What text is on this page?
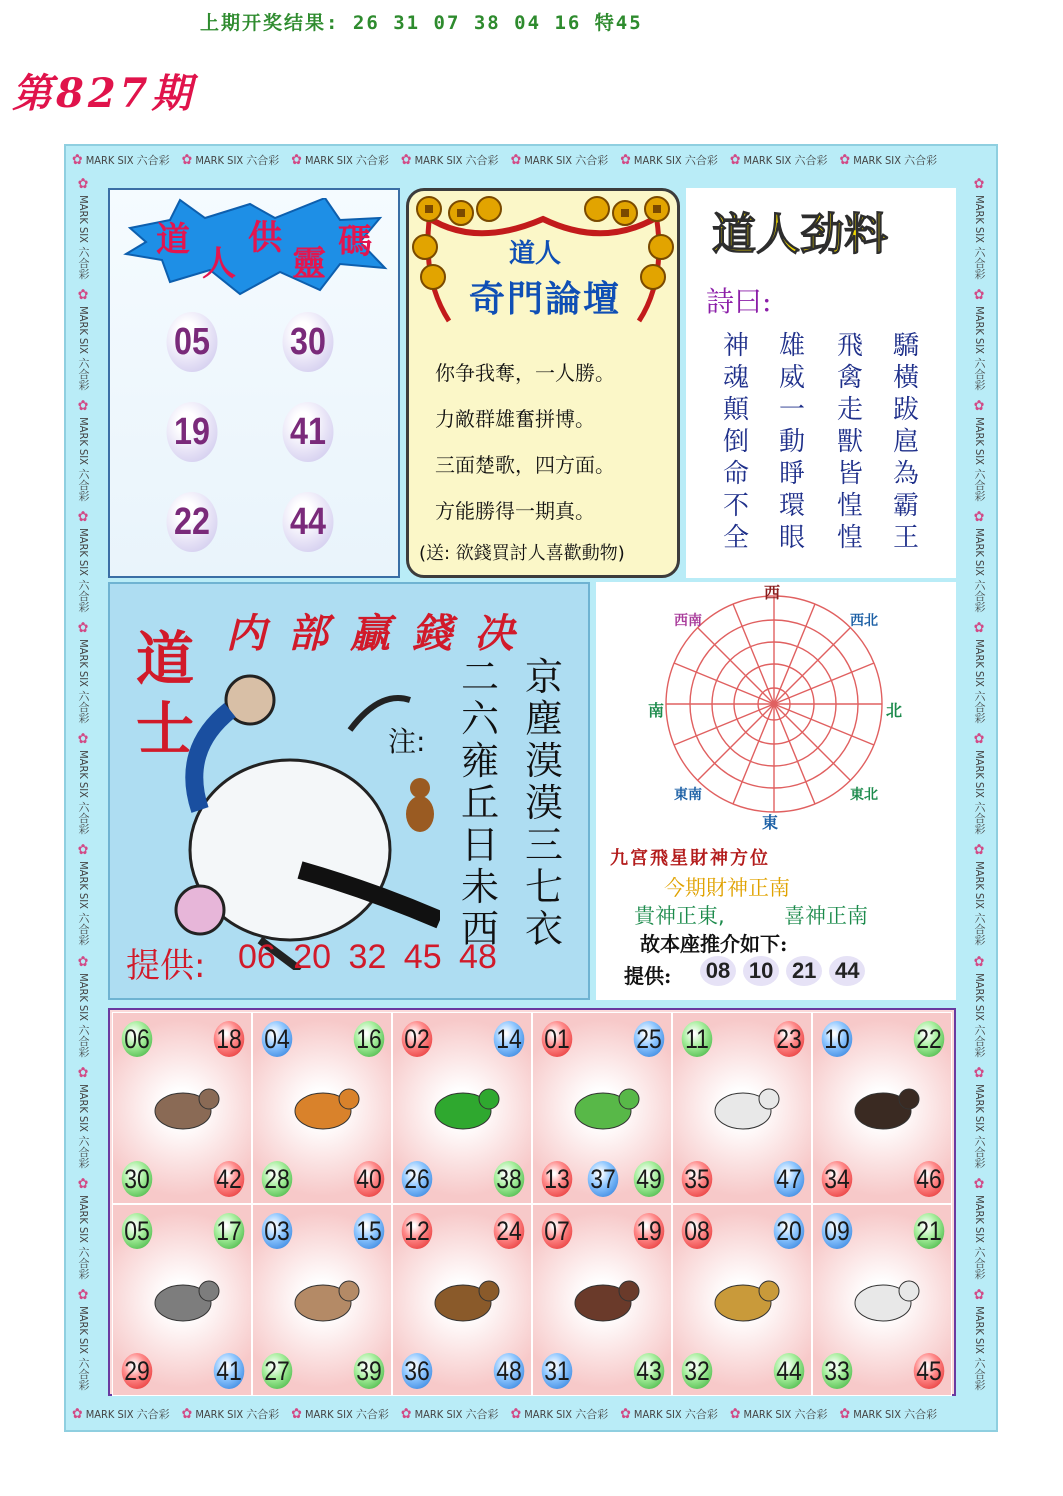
上期开奖结果: 26 31 07 38 04 16 特45
第827期
✿ MARK SIX 六合彩 ✿ MARK SIX 六合彩 ✿ MARK SIX 六合彩 ✿ MARK SIX 六合彩 ✿ MARK SIX 六合彩 ✿ MARK SIX 六合彩 ✿ MARK SIX 六合彩 ✿ MARK SIX 六合彩
✿ MARK SIX 六合彩 ✿ MARK SIX 六合彩 ✿ MARK SIX 六合彩 ✿ MARK SIX 六合彩 ✿ MARK SIX 六合彩 ✿ MARK SIX 六合彩 ✿ MARK SIX 六合彩 ✿ MARK SIX 六合彩
✿ MARK SIX 六合彩
✿ MARK SIX 六合彩
✿ MARK SIX 六合彩
✿ MARK SIX 六合彩
✿ MARK SIX 六合彩
✿ MARK SIX 六合彩
✿ MARK SIX 六合彩
✿ MARK SIX 六合彩
✿ MARK SIX 六合彩
✿ MARK SIX 六合彩
✿ MARK SIX 六合彩
✿ MARK SIX 六合彩
✿ MARK SIX 六合彩
✿ MARK SIX 六合彩
✿ MARK SIX 六合彩
✿ MARK SIX 六合彩
✿ MARK SIX 六合彩
✿ MARK SIX 六合彩
✿ MARK SIX 六合彩
✿ MARK SIX 六合彩
✿ MARK SIX 六合彩
✿ MARK SIX 六合彩
道
人
供
靈
碼
05 30
19 41
22 44
道人
奇門論壇
你争我奪，一人勝。
力敵群雄奮拼博。
三面楚歌，四方面。
方能勝得一期真。
(送: 欲錢買討人喜歡動物)
道人劲料
詩曰:
神魂顛倒命不全
雄威一動睜環眼
飛禽走獸皆惶惶
驕橫跋扈為霸王
内部贏錢决
道士	注:
京塵漠漠三七衣
二六雍丘日未西
提供: 06 20 32 45 48
西
北
東
南
西南	西北
東南	東北
九宮飛星財神方位
今期財神正南
貴神正東,	喜神正南
故本座推介如下:
提供: 08 10 21 44
06 18
30 42
04 16
28 40
02 14
26 38
01 25
13 37 49
11 23
35 47
10 22
34 46
05 17
29 41
03 15
27 39
12 24
36 48
07 19
31 43
08 20
32 44
09 21
33 45
